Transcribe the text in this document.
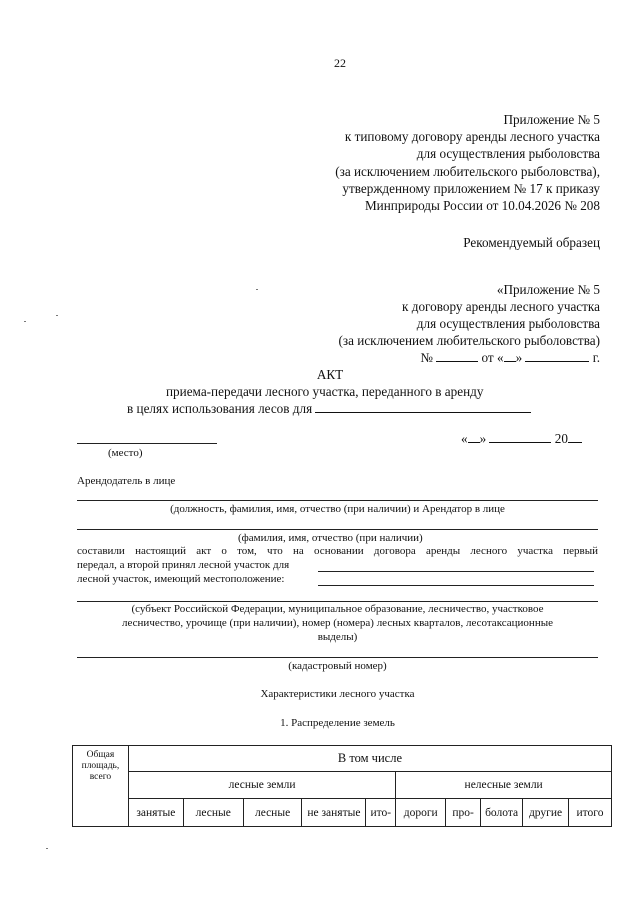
22
Приложение № 5
к типовому договору аренды лесного участка
для осуществления рыболовства
(за исключением любительского рыболовства),
утвержденному приложением № 17 к приказу
Минприроды России от 10.04.2026 № 208
Рекомендуемый образец
«Приложение № 5
к договору аренды лесного участка
для осуществления рыболовства
(за исключением любительского рыболовства)
№	от « »	г.
АКТ
приема-передачи лесного участка, переданного в аренду
в целях использования лесов для
(место)
« »	20
Арендодатель в лице
(должность, фамилия, имя, отчество (при наличии) и Арендатор в лице
(фамилия, имя, отчество (при наличии)
составили настоящий акт о том, что на основании договора аренды лесного участка первый
передал, а второй принял лесной участок для
лесной участок, имеющий местоположение:
(субъект Российской Федерации, муниципальное образование, лесничество, участковое
лесничество, урочище (при наличии), номер (номера) лесных кварталов, лесотаксационные
выделы)
(кадастровый номер)
Характеристики лесного участка
1. Распределение земель
Общая
площадь,
всего	В том числе									
	лесные земли					нелесные земли				
	занятые	лесные	лесные	не занятые	ито-	дороги	про-	болота	другие	итого
